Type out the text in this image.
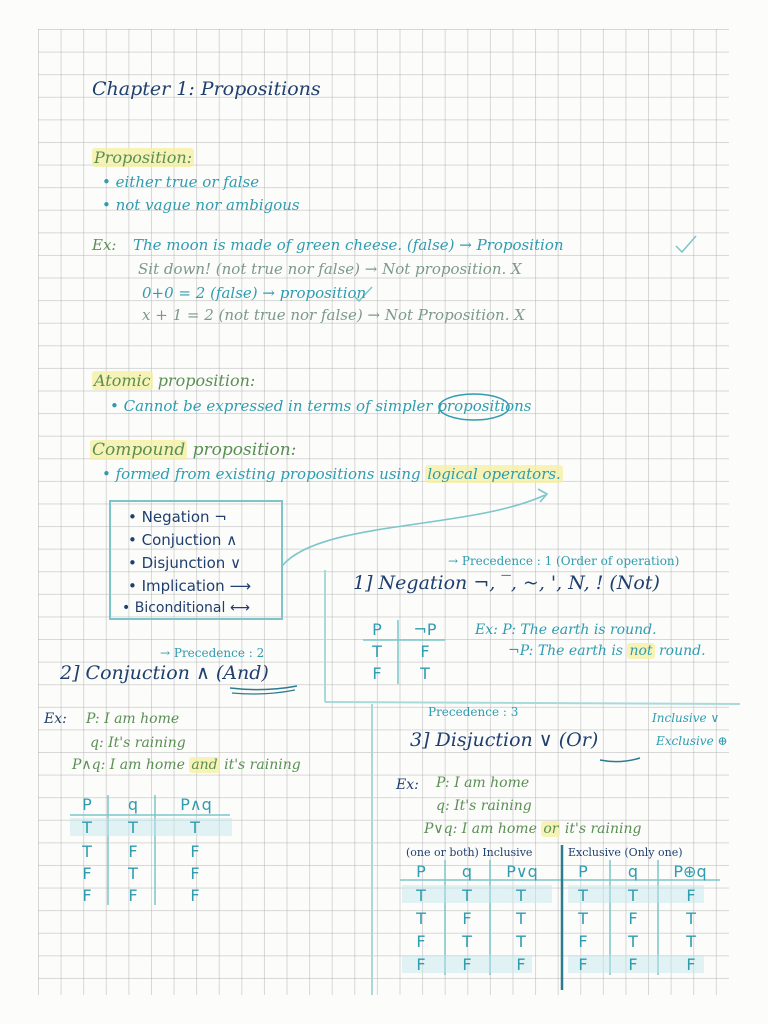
Chapter 1: Propositions
Proposition:
• either true or false
• not vague nor ambigous
Ex: The moon is made of green cheese. (false) → Proposition
Sit down! (not true nor false) → Not proposition. X
0+0 = 2 (false) → proposition
x + 1 = 2 (not true nor false) → Not Proposition. X
Atomic proposition:
• Cannot be expressed in terms of simpler propositions
Compound proposition:
• formed from existing propositions using logical operators.
• Negation ¬
• Conjuction ∧
• Disjunction ∨
• Implication ⟶
• Biconditional ⟷
→ Precedence : 1 (Order of operation)
1] Negation ¬, ‾, ~, ', N, ! (Not)
Ex: P: The earth is round.
¬P: The earth is not round.
P	¬P
T	F
F	T
→ Precedence : 2
2] Conjuction ∧ (And)
Ex: P: I am home
q: It's raining
P∧q: I am home and it's raining
P	q	P∧q
T	T	T
T	F	F
F	T	F
F	F	F
Precedence : 3
3] Disjuction ∨ (Or)
Inclusive ∨
Exclusive ⊕
Ex: P: I am home
q: It's raining
P∨q: I am home or it's raining
(one or both) Inclusive	Exclusive (Only one)
P	q	P∨q	P	q	P⊕q
T	T	T	T	T	F
T	F	T	T	F	T
F	T	T	F	T	T
F	F	F	F	F	F
